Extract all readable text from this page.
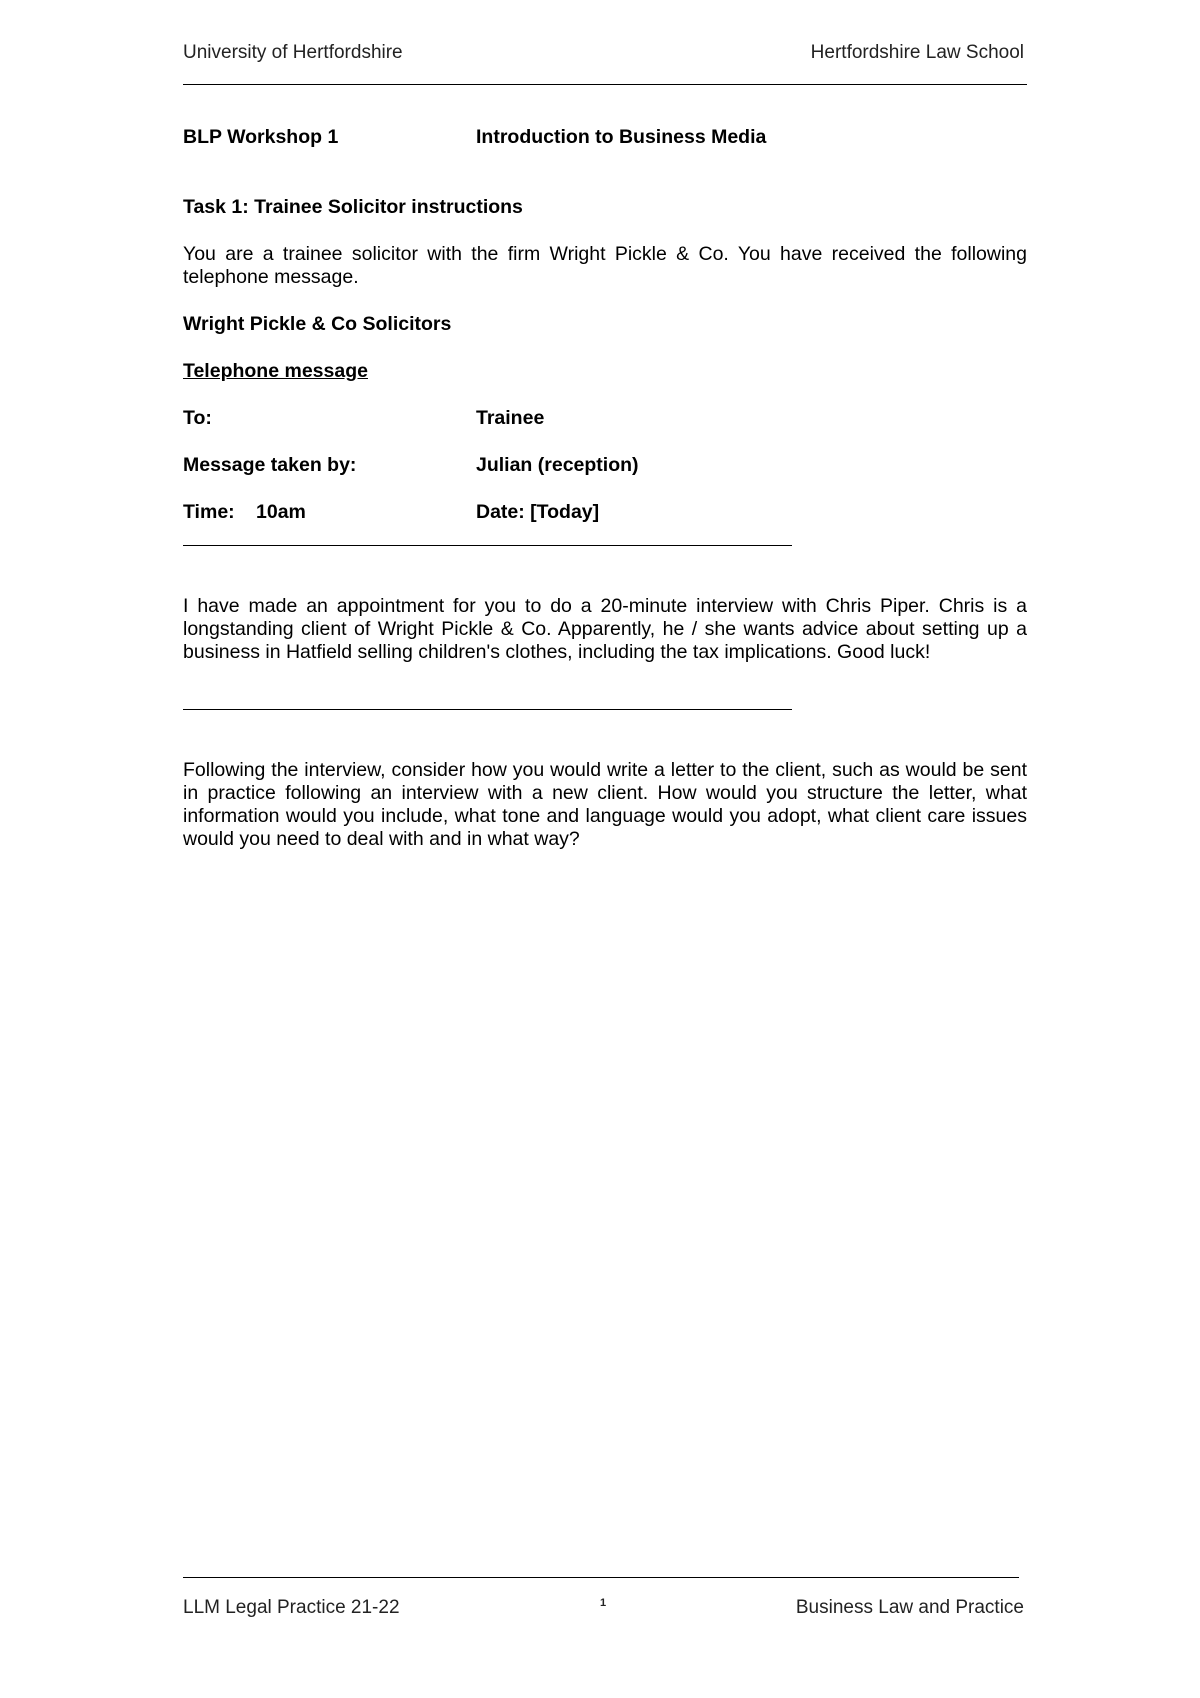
University of Hertfordshire	Hertfordshire Law School
BLP Workshop 1	Introduction to Business Media
Task 1: Trainee Solicitor instructions
You are a trainee solicitor with the firm Wright Pickle & Co. You have received the following telephone message.
Wright Pickle & Co Solicitors
Telephone message
To:	Trainee
Message taken by:	Julian (reception)
Time: 10am	Date: [Today]
I have made an appointment for you to do a 20-minute interview with Chris Piper. Chris is a longstanding client of Wright Pickle & Co. Apparently, he / she wants advice about setting up a business in Hatfield selling children's clothes, including the tax implications. Good luck!
Following the interview, consider how you would write a letter to the client, such as would be sent in practice following an interview with a new client. How would you structure the letter, what information would you include, what tone and language would you adopt, what client care issues would you need to deal with and in what way?
LLM Legal Practice 21-22	1	Business Law and Practice
